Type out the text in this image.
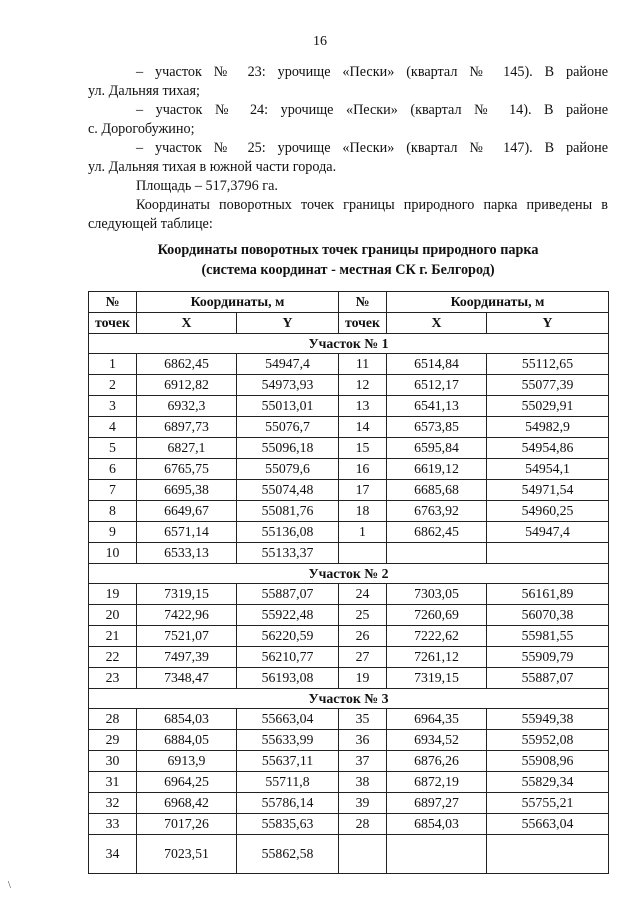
16

– участок № 23: урочище «Пески» (квартал № 145). В районе

ул. Дальняя тихая;

– участок № 24: урочище «Пески» (квартал № 14). В районе

с. Дорогобужино;

– участок № 25: урочище «Пески» (квартал № 147). В районе

ул. Дальняя тихая в южной части города.

Площадь – 517,3796 га.

Координаты поворотных точек границы природного парка приведены в

следующей таблице:

Координаты поворотных точек границы природного парка
(система координат - местная СК г. Белгород)
№	Координаты, м		№	Координаты, м	
точек	X	Y	точек	X	Y
Участок № 1					
1	6862,45	54947,4	11	6514,84	55112,65
2	6912,82	54973,93	12	6512,17	55077,39
3	6932,3	55013,01	13	6541,13	55029,91
4	6897,73	55076,7	14	6573,85	54982,9
5	6827,1	55096,18	15	6595,84	54954,86
6	6765,75	55079,6	16	6619,12	54954,1
7	6695,38	55074,48	17	6685,68	54971,54
8	6649,67	55081,76	18	6763,92	54960,25
9	6571,14	55136,08	1	6862,45	54947,4
10	6533,13	55133,37			
Участок № 2					
19	7319,15	55887,07	24	7303,05	56161,89
20	7422,96	55922,48	25	7260,69	56070,38
21	7521,07	56220,59	26	7222,62	55981,55
22	7497,39	56210,77	27	7261,12	55909,79
23	7348,47	56193,08	19	7319,15	55887,07
Участок № 3					
28	6854,03	55663,04	35	6964,35	55949,38
29	6884,05	55633,99	36	6934,52	55952,08
30	6913,9	55637,11	37	6876,26	55908,96
31	6964,25	55711,8	38	6872,19	55829,34
32	6968,42	55786,14	39	6897,27	55755,21
33	7017,26	55835,63	28	6854,03	55663,04
34	7023,51	55862,58			
\
